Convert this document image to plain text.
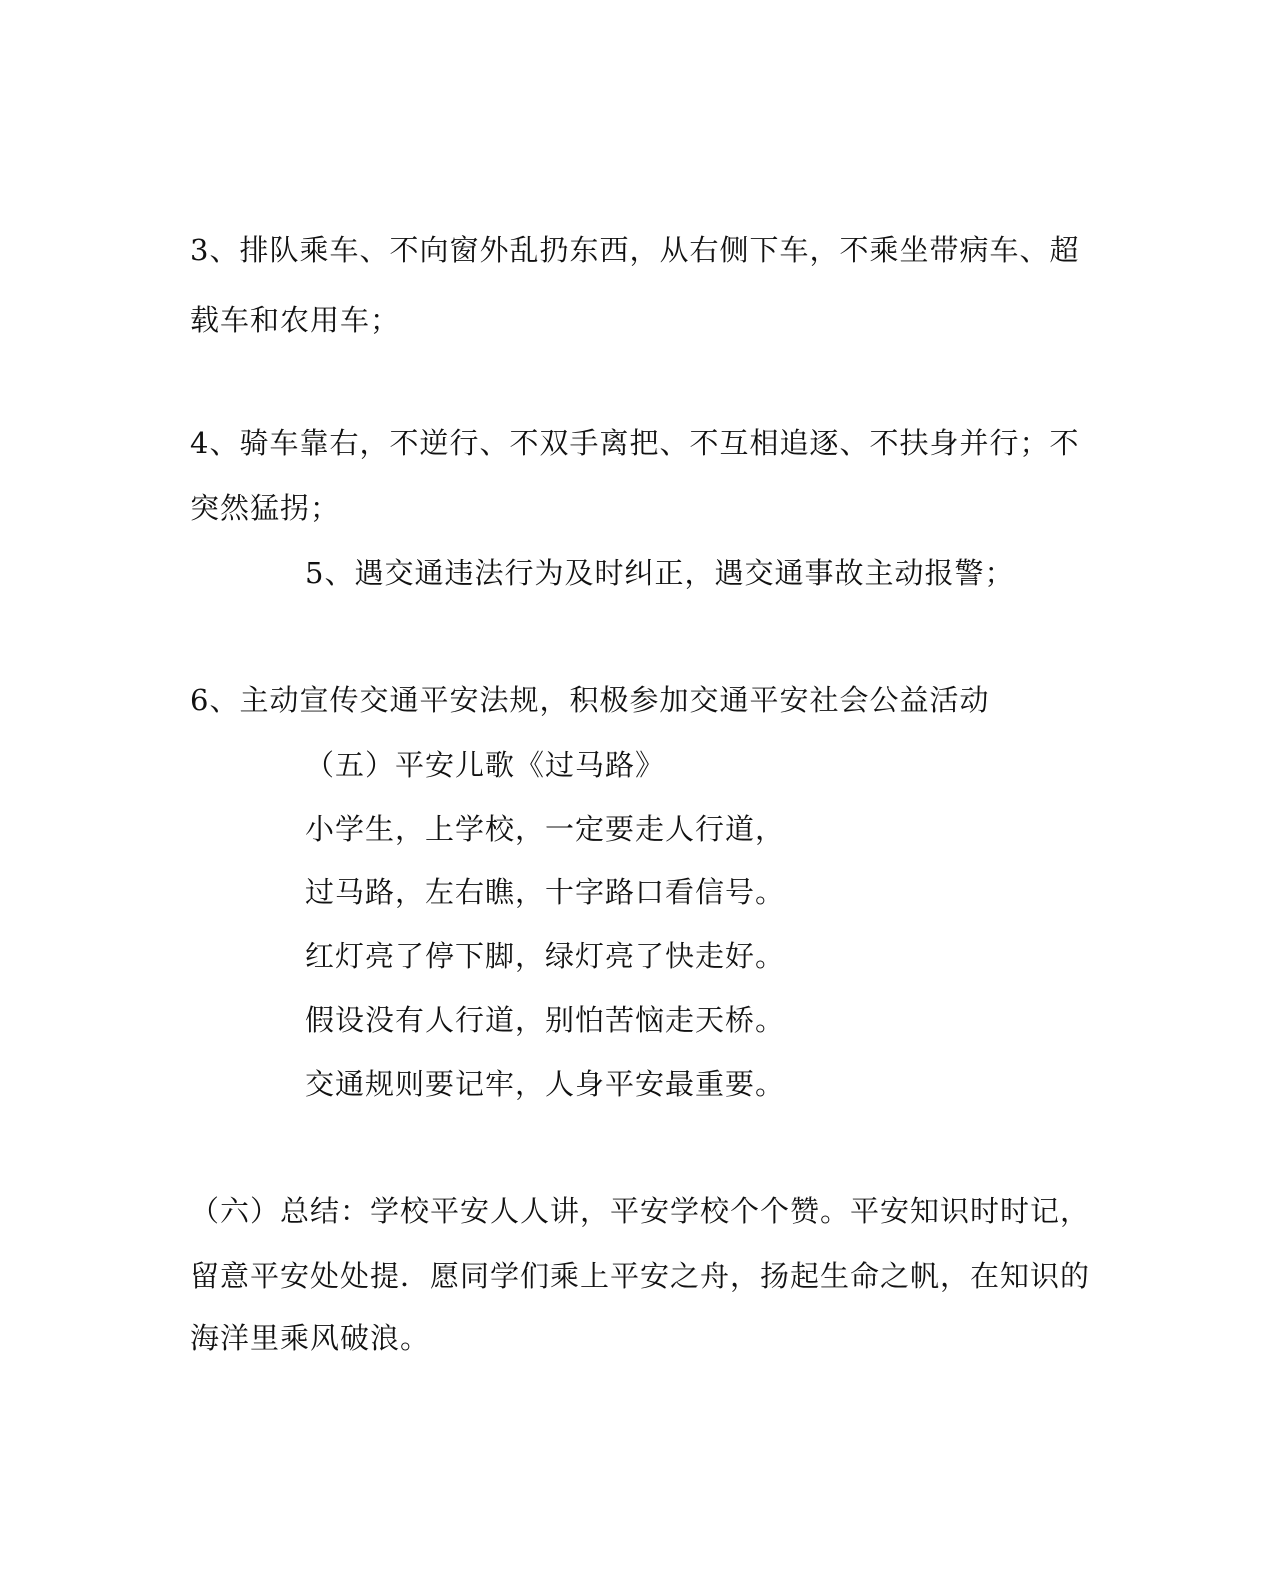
3、排队乘车、不向窗外乱扔东西，从右侧下车，不乘坐带病车、超
载车和农用车；
4、骑车靠右，不逆行、不双手离把、不互相追逐、不扶身并行；不
突然猛拐；
5、遇交通违法行为及时纠正，遇交通事故主动报警；
6、主动宣传交通平安法规，积极参加交通平安社会公益活动
（五）平安儿歌《过马路》
小学生，上学校，一定要走人行道，
过马路，左右瞧，十字路口看信号。
红灯亮了停下脚，绿灯亮了快走好。
假设没有人行道，别怕苦恼走天桥。
交通规则要记牢，人身平安最重要。
（六）总结：学校平安人人讲，平安学校个个赞。平安知识时时记，
留意平安处处提．愿同学们乘上平安之舟，扬起生命之帆，在知识的
海洋里乘风破浪。
